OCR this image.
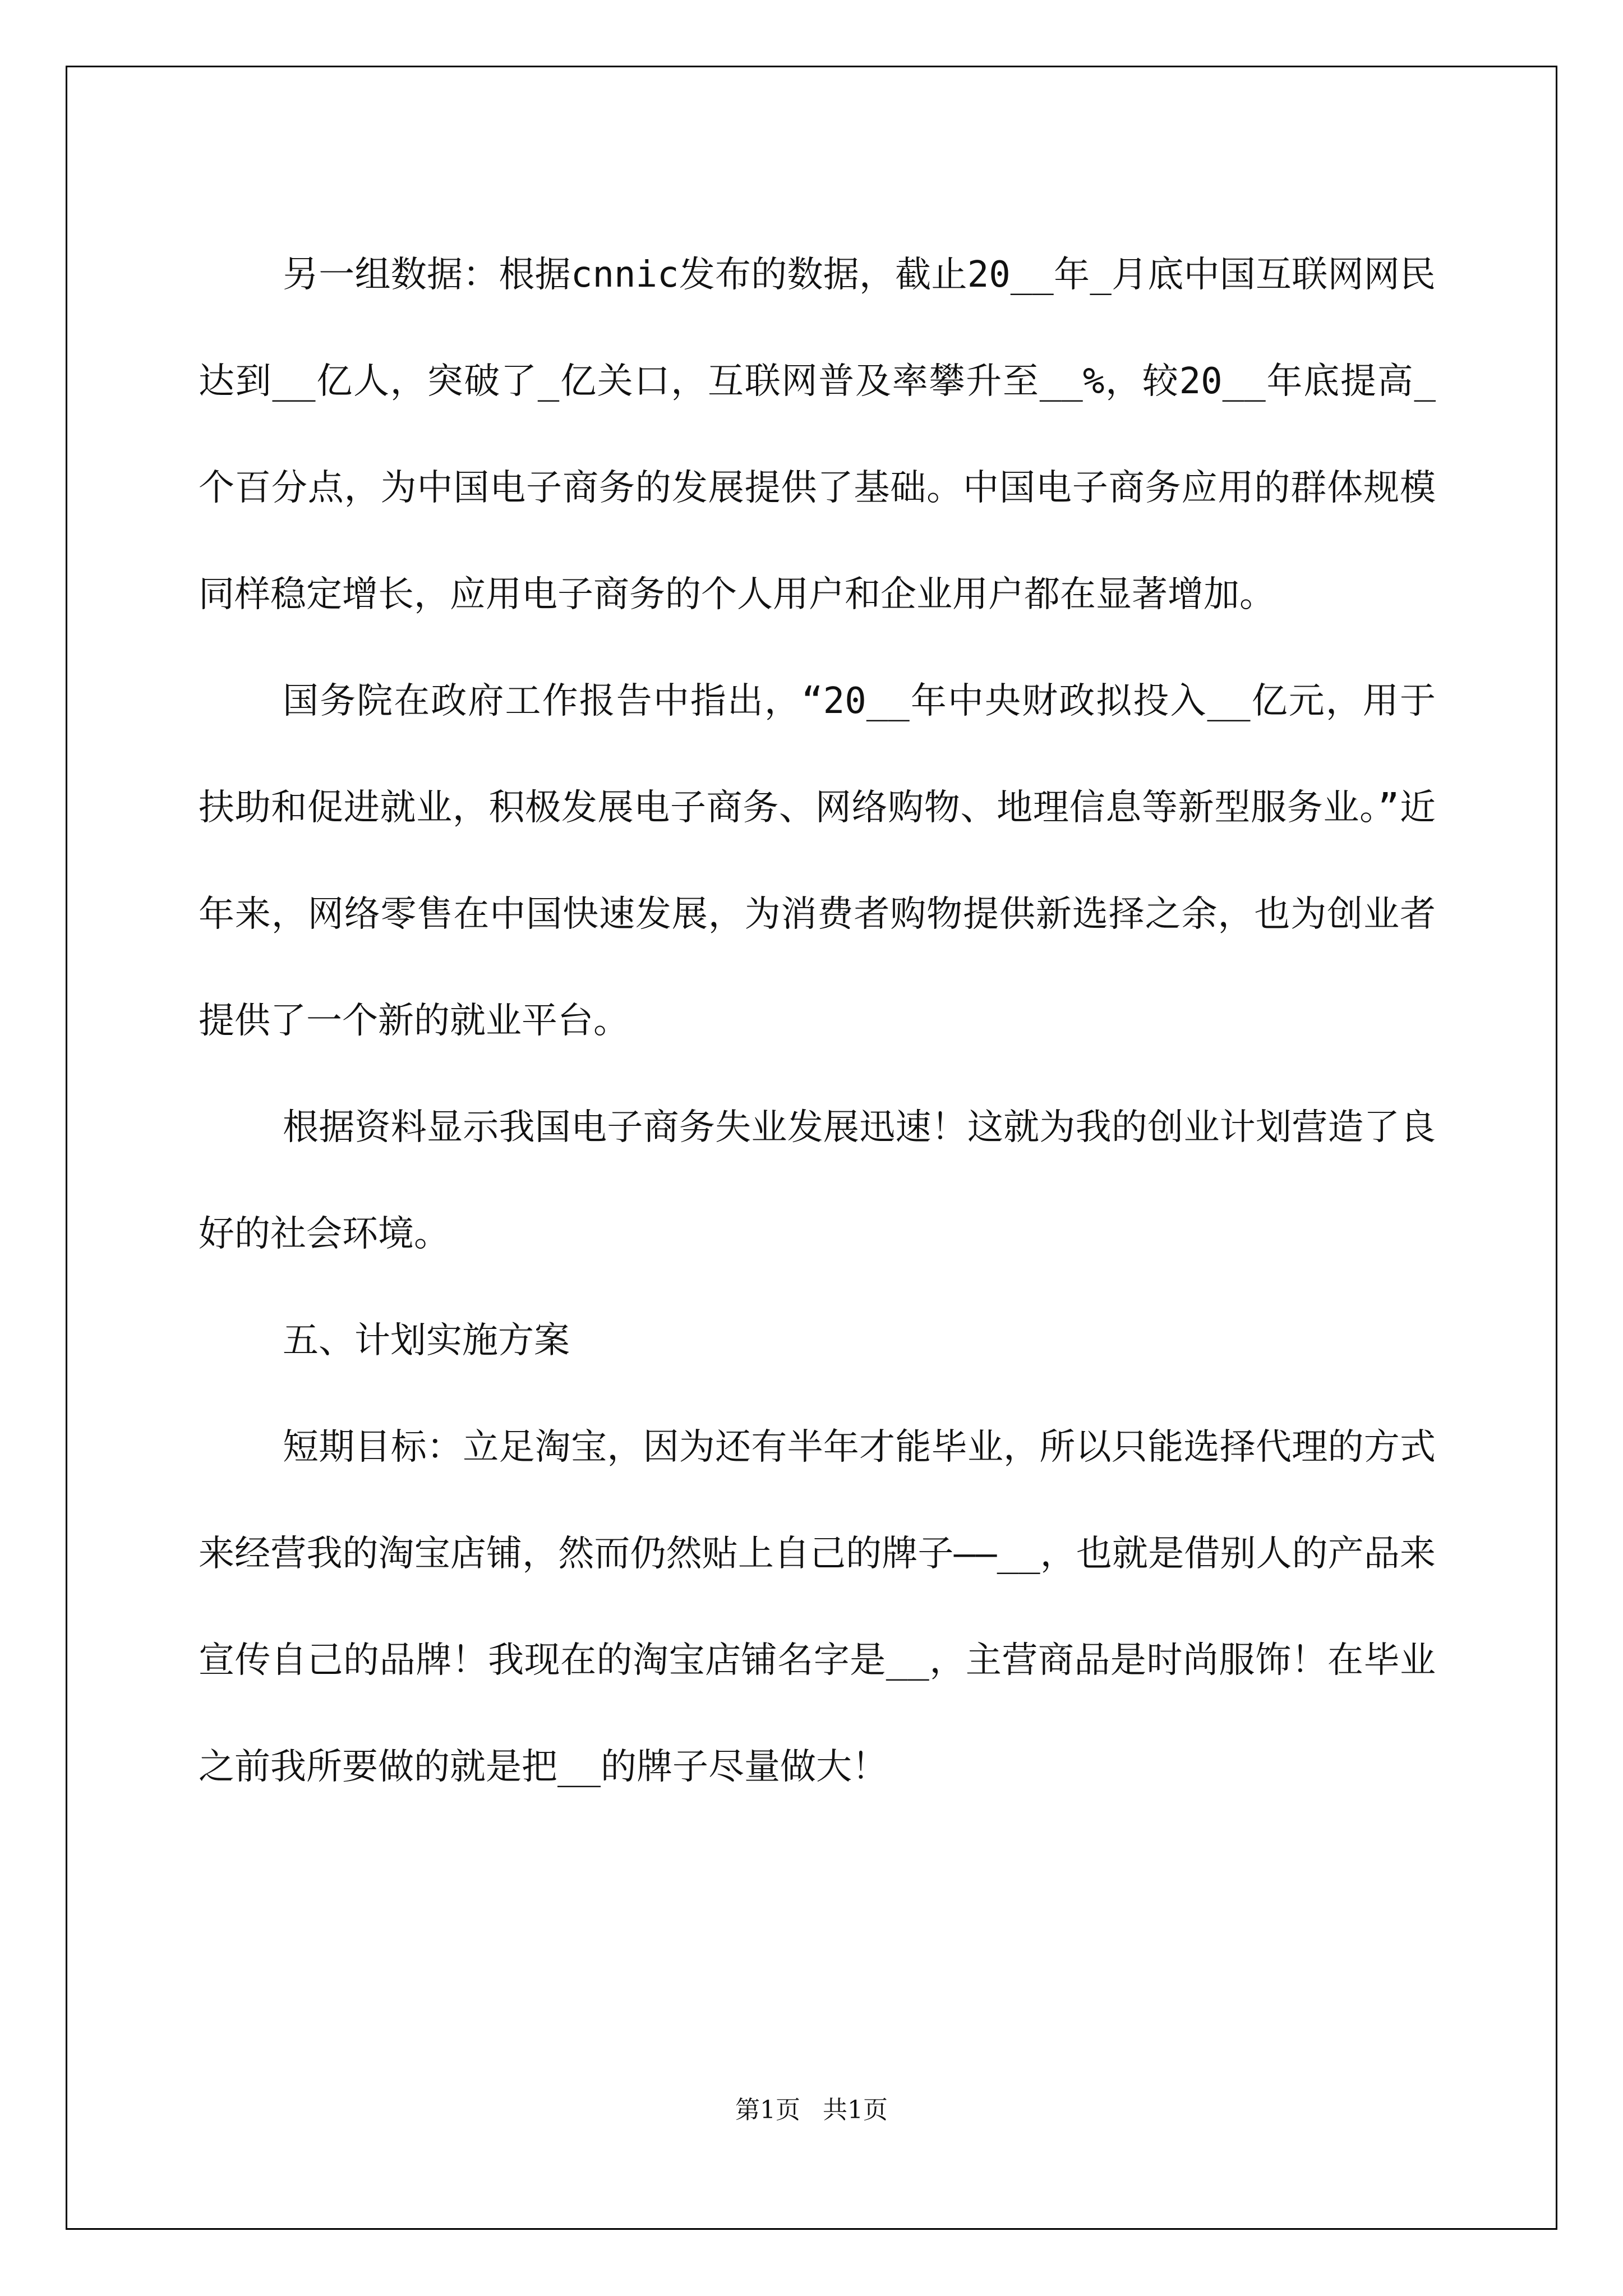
另一组数据：根据cnnic发布的数据，截止20__年_月底中国互联网网民达到__亿人，突破了_亿关口，互联网普及率攀升至__%，较20__年底提高_个百分点，为中国电子商务的发展提供了基础。中国电子商务应用的群体规模同样稳定增长，应用电子商务的个人用户和企业用户都在显著增加。

国务院在政府工作报告中指出，“20__年中央财政拟投入__亿元，用于扶助和促进就业，积极发展电子商务、网络购物、地理信息等新型服务业。”近年来，网络零售在中国快速发展，为消费者购物提供新选择之余，也为创业者提供了一个新的就业平台。

根据资料显示我国电子商务失业发展迅速！这就为我的创业计划营造了良好的社会环境。

五、计划实施方案

短期目标：立足淘宝，因为还有半年才能毕业，所以只能选择代理的方式来经营我的淘宝店铺，然而仍然贴上自己的牌子——__，也就是借别人的产品来宣传自己的品牌！我现在的淘宝店铺名字是__，主营商品是时尚服饰！在毕业之前我所要做的就是把__的牌子尽量做大！

第1页 共1页
